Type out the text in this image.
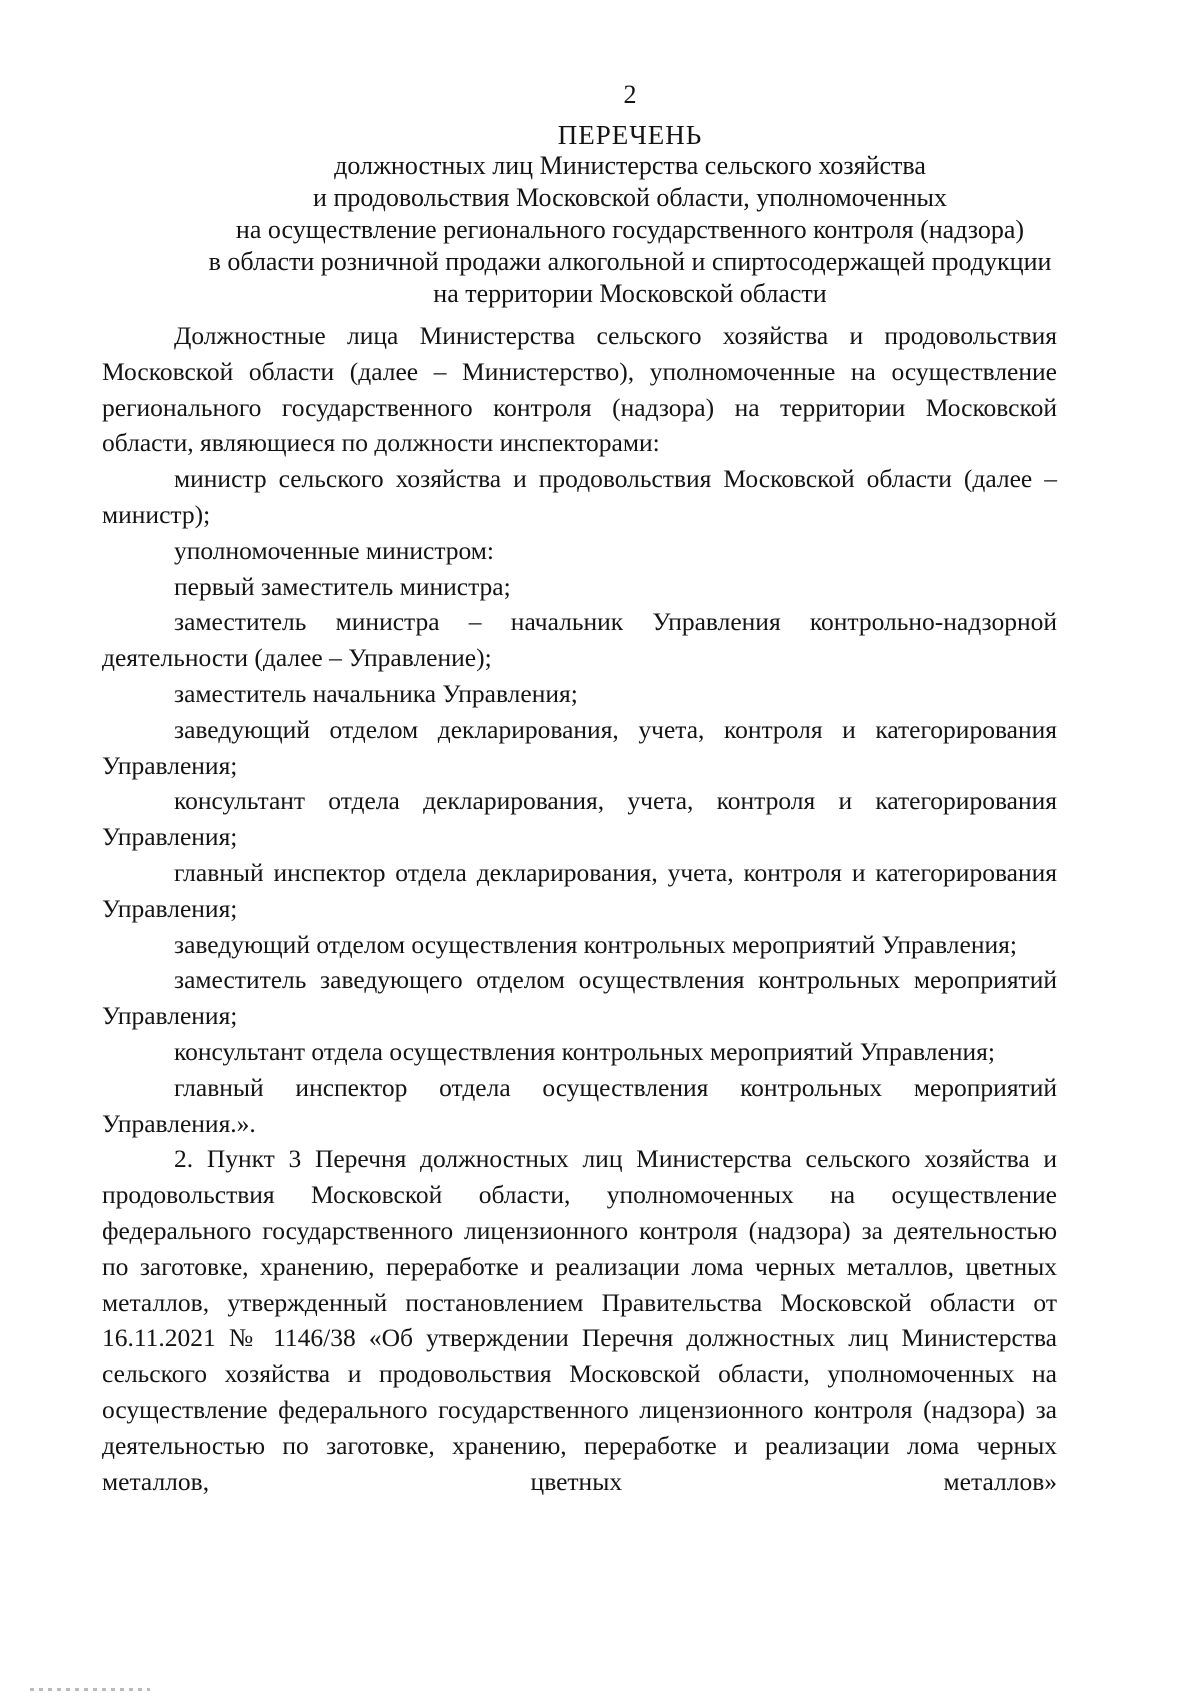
2
ПЕРЕЧЕНЬ
должностных лиц Министерства сельского хозяйства
и продовольствия Московской области, уполномоченных
на осуществление регионального государственного контроля (надзора)
в области розничной продажи алкогольной и спиртосодержащей продукции
на территории Московской области

Должностные лица Министерства сельского хозяйства и продовольствия Московской области (далее – Министерство), уполномоченные на осуществление регионального государственного контроля (надзора) на территории Московской области, являющиеся по должности инспекторами:

министр сельского хозяйства и продовольствия Московской области (далее – министр);

уполномоченные министром:

первый заместитель министра;

заместитель министра – начальник Управления контрольно-надзорной деятельности (далее – Управление);

заместитель начальника Управления;

заведующий отделом декларирования, учета, контроля и категорирования Управления;

консультант отдела декларирования, учета, контроля и категорирования Управления;

главный инспектор отдела декларирования, учета, контроля и категорирования Управления;

заведующий отделом осуществления контрольных мероприятий Управления;

заместитель заведующего отделом осуществления контрольных мероприятий Управления;

консультант отдела осуществления контрольных мероприятий Управления;

главный инспектор отдела осуществления контрольных мероприятий Управления.».

2. Пункт 3 Перечня должностных лиц Министерства сельского хозяйства и продовольствия Московской области, уполномоченных на осуществление федерального государственного лицензионного контроля (надзора) за деятельностью по заготовке, хранению, переработке и реализации лома черных металлов, цветных металлов, утвержденный постановлением Правительства Московской области от 16.11.2021 № 1146/38 «Об утверждении Перечня должностных лиц Министерства сельского хозяйства и продовольствия Московской области, уполномоченных на осуществление федерального государственного лицензионного контроля (надзора) за деятельностью по заготовке, хранению, переработке и реализации лома черных металлов, цветных металлов»
